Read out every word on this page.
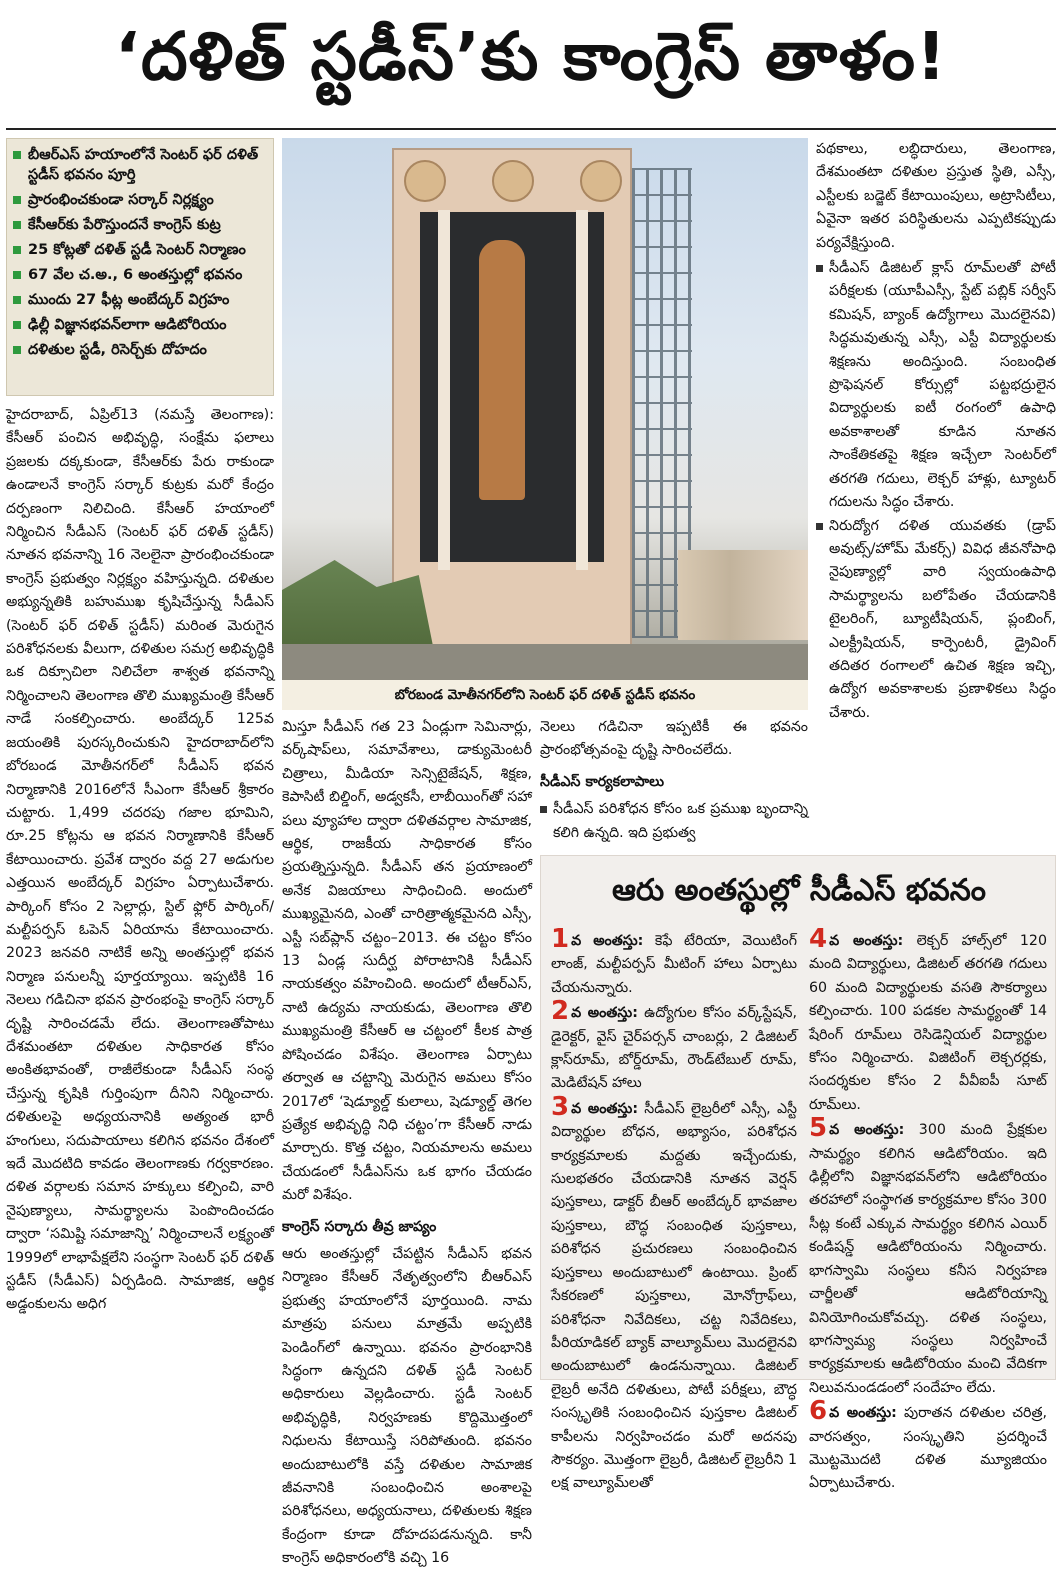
‘దళిత్ స్టడీస్’కు కాంగ్రెస్ తాళం!
బీఆర్ఎస్ హయాంలోనే సెంటర్ ఫర్ దళిత్ స్టడీస్ భవనం పూర్తి
ప్రారంభించకుండా సర్కార్ నిర్లక్ష్యం
కేసీఆర్‌కు పేరొస్తుందనే కాంగ్రెస్ కుట్ర
25 కోట్లతో దళిత్ స్టడీ సెంటర్ నిర్మాణం
67 వేల చ.అ., 6 అంతస్తుల్లో భవనం
ముందు 27 ఫీట్ల అంబేద్కర్ విగ్రహం
ఢిల్లీ విజ్ఞానభవన్‌లాగా ఆడిటోరియం
దళితుల స్టడీ, రిసెర్చ్‌కు దోహదం

హైదరాబాద్, ఏప్రిల్13 (నమస్తే తెలంగాణ): కేసీఆర్ పంచిన అభివృద్ధి, సంక్షేమ ఫలాలు ప్రజలకు దక్కకుండా, కేసీఆర్‌కు పేరు రాకుండా ఉండాలనే కాంగ్రెస్ సర్కార్ కుట్రకు మరో కేంద్రం దర్పణంగా నిలిచింది. కేసీఆర్ హయాంలో నిర్మించిన సీడీఎస్ (సెంటర్ ఫర్ దళిత్ స్టడీస్) నూతన భవనాన్ని 16 నెలలైనా ప్రారంభించకుండా కాంగ్రెస్ ప్రభుత్వం నిర్లక్ష్యం వహిస్తున్నది. దళితుల అభ్యున్నతికి బహుముఖ కృషిచేస్తున్న సీడీఎస్ (సెంటర్ ఫర్ దళిత్ స్టడీస్) మరింత మెరుగైన పరిశోధనలకు వీలుగా, దళితుల సమగ్ర అభివృద్ధికి ఒక దిక్సూచిలా నిలిచేలా శాశ్వత భవనాన్ని నిర్మించాలని తెలంగాణ తొలి ముఖ్యమంత్రి కేసీఆర్ నాడే సంకల్పించారు. అంబేద్కర్ 125వ జయంతికి పురస్కరించుకుని హైదరాబాద్‌లోని బోరబండ మోతీనగర్‌లో సీడీఎస్ భవన నిర్మాణానికి 2016లోనే సీఎంగా కేసీఆర్ శ్రీకారం చుట్టారు. 1,499 చదరపు గజాల భూమిని, రూ.25 కోట్లను ఆ భవన నిర్మాణానికి కేసీఆర్ కేటాయించారు. ప్రవేశ ద్వారం వద్ద 27 అడుగుల ఎత్తయిన అంబేద్కర్ విగ్రహం ఏర్పాటుచేశారు. పార్కింగ్ కోసం 2 సెల్లార్లు, స్టిల్ ఫ్లోర్ పార్కింగ్/మల్టీపర్పస్ ఓపెన్ ఏరియాను కేటాయించారు. 2023 జనవరి నాటికే అన్ని అంతస్తుల్లో భవన నిర్మాణ పనులన్నీ పూర్తయ్యాయి. ఇప్పటికి 16 నెలలు గడిచినా భవన ప్రారంభంపై కాంగ్రెస్ సర్కార్ దృష్టి సారించడమే లేదు. తెలంగాణతోపాటు దేశమంతటా దళితుల సాధికారత కోసం అంకితభావంతో, రాజీలేకుండా సీడీఎస్ సంస్థ చేస్తున్న కృషికి గుర్తింపుగా దీనిని నిర్మించారు. దళితులపై అధ్యయనానికి అత్యంత భారీ హంగులు, సదుపాయాలు కలిగిన భవనం దేశంలో ఇదే మొదటిది కావడం తెలంగాణకు గర్వకారణం. దళిత వర్గాలకు సమాన హక్కులు కల్పించి, వారి నైపుణ్యాలు, సామర్థ్యాలను పెంపొందించడం ద్వారా ‘సమిష్టి సమాజాన్ని’ నిర్మించాలనే లక్ష్యంతో 1999లో లాభాపేక్షలేని సంస్థగా సెంటర్ ఫర్ దళిత్ స్టడీస్ (సీడీఎస్) ఏర్పడింది. సామాజిక, ఆర్థిక అడ్డంకులను అధిగ

బోరబండ మోతీనగర్‌లోని సెంటర్ ఫర్ దళిత్ స్టడీస్ భవనం

మిస్తూ సీడీఎస్ గత 23 ఏండ్లుగా సెమినార్లు, వర్క్‌షాప్‌లు, సమావేశాలు, డాక్యుమెంటరీ చిత్రాలు, మీడియా సెన్సిటైజేషన్, శిక్షణ, కెపాసిటీ బిల్డింగ్, అడ్వకసీ, లాబీయింగ్‌తో సహా పలు వ్యూహాల ద్వారా దళితవర్గాల సామాజిక, ఆర్థిక, రాజకీయ సాధికారత కోసం ప్రయత్నిస్తున్నది. సీడీఎస్ తన ప్రయాణంలో అనేక విజయాలు సాధించింది. అందులో ముఖ్యమైనది, ఎంతో చారిత్రాత్మకమైనది ఎస్సీ, ఎస్టీ సబ్‌ప్లాన్ చట్టం–2013. ఈ చట్టం కోసం 13 ఏండ్ల సుదీర్ఘ పోరాటానికి సీడీఎస్ నాయకత్వం వహించింది. అందులో టీఆర్ఎస్, నాటి ఉద్యమ నాయకుడు, తెలంగాణ తొలి ముఖ్యమంత్రి కేసీఆర్ ఆ చట్టంలో కీలక పాత్ర పోషించడం విశేషం. తెలంగాణ ఏర్పాటు తర్వాత ఆ చట్టాన్ని మెరుగైన అమలు కోసం 2017లో ‘షెడ్యూల్డ్ కులాలు, షెడ్యూల్డ్ తెగల ప్రత్యేక అభివృద్ధి నిధి చట్టం’గా కేసీఆర్ నాడు మార్చారు. కొత్త చట్టం, నియమాలను అమలు చేయడంలో సీడీఎస్‌ను ఒక భాగం చేయడం మరో విశేషం.

కాంగ్రెస్ సర్కారు తీవ్ర జాప్యం

ఆరు అంతస్తుల్లో చేపట్టిన సీడీఎస్ భవన నిర్మాణం కేసీఆర్ నేతృత్వంలోని బీఆర్ఎస్ ప్రభుత్వ హయాంలోనే పూర్తయింది. నామ మాత్రపు పనులు మాత్రమే అప్పటికి పెండింగ్‌లో ఉన్నాయి. భవనం ప్రారంభానికి సిద్ధంగా ఉన్నదని దళిత్ స్టడీ సెంటర్ అధికారులు వెల్లడించారు. స్టడీ సెంటర్ అభివృద్ధికి, నిర్వహణకు కొద్దిమొత్తంలో నిధులను కేటాయిస్తే సరిపోతుంది. భవనం అందుబాటులోకి వస్తే దళితుల సామాజిక జీవనానికి సంబంధించిన అంశాలపై పరిశోధనలు, అధ్యయనాలు, దళితులకు శిక్షణ కేంద్రంగా కూడా దోహదపడనున్నది. కానీ కాంగ్రెస్ అధికారంలోకి వచ్చి 16

నెలలు గడిచినా ఇప్పటికీ ఈ భవనం ప్రారంభోత్సవంపై దృష్టి సారించలేదు.

సీడీఎస్ కార్యకలాపాలు
సీడీఎస్ పరిశోధన కోసం ఒక ప్రముఖ బృందాన్ని కలిగి ఉన్నది. ఇది ప్రభుత్వ

పథకాలు, లబ్ధిదారులు, తెలంగాణ, దేశమంతటా దళితుల ప్రస్తుత స్థితి, ఎస్సీ, ఎస్టీలకు బడ్జెట్ కేటాయింపులు, అట్రాసిటీలు, ఏవైనా ఇతర పరిస్థితులను ఎప్పటికప్పుడు పర్యవేక్షిస్తుంది.

సీడీఎస్ డిజిటల్ క్లాస్ రూమ్‌లతో పోటీ పరీక్షలకు (యూపీఎస్సీ, స్టేట్ పబ్లిక్ సర్వీస్ కమిషన్, బ్యాంక్ ఉద్యోగాలు మొదలైనవి) సిద్ధమవుతున్న ఎస్సీ, ఎస్టీ విద్యార్థులకు శిక్షణను అందిస్తుంది. సంబంధిత ప్రొఫెషనల్ కోర్సుల్లో పట్టభద్రులైన విద్యార్థులకు ఐటీ రంగంలో ఉపాధి అవకాశాలతో కూడిన నూతన సాంకేతికతపై శిక్షణ ఇచ్చేలా సెంటర్‌లో తరగతి గదులు, లెక్చర్ హాళ్లు, ట్యూటర్ గదులను సిద్ధం చేశారు.
నిరుద్యోగ దళిత యువతకు (డ్రాప్ అవుట్స్/హోమ్ మేకర్స్) వివిధ జీవనోపాధి నైపుణ్యాల్లో వారి స్వయంఉపాధి సామర్థ్యాలను బలోపేతం చేయడానికి టైలరింగ్, బ్యూటీషియన్, ప్లంబింగ్, ఎలక్ట్రీషియన్, కార్పెంటరీ, డ్రైవింగ్ తదితర రంగాలలో ఉచిత శిక్షణ ఇచ్చి, ఉద్యోగ అవకాశాలకు ప్రణాళికలు సిద్ధం చేశారు.
ఆరు అంతస్థుల్లో సీడీఎస్ భవనం

1 వ అంతస్తు: కెఫే టేరియా, వెయిటింగ్ లాంజ్, మల్టీపర్పస్ మీటింగ్ హాలు ఏర్పాటు చేయనున్నారు.

2 వ అంతస్తు: ఉద్యోగుల కోసం వర్క్‌స్టేషన్, డైరెక్టర్, వైస్ చైర్‌పర్సన్ చాంబర్లు, 2 డిజిటల్ క్లాస్‌రూమ్‌, బోర్డ్‌రూమ్, రౌండ్‌టేబుల్ రూమ్, మెడిటేషన్ హాలు

3 వ అంతస్తు: సీడీఎస్ లైబ్రరీలో ఎస్సీ, ఎస్టీ విద్యార్థుల బోధన, అభ్యాసం, పరిశోధన కార్యక్రమాలకు మద్దతు ఇచ్చేందుకు, సులభతరం చేయడానికి నూతన వెర్షన్ పుస్తకాలు, డాక్టర్ బీఆర్ అంబేద్కర్ భావజాల పుస్తకాలు, బౌద్ధ సంబంధిత పుస్తకాలు, పరిశోధన ప్రచురణలు సంబంధించిన పుస్తకాలు అందుబాటులో ఉంటాయి. ప్రింట్ సేకరణలో పుస్తకాలు, మోనోగ్రాఫ్‌లు, పరిశోధనా నివేదికలు, చట్ట నివేదికలు, పీరియాడికల్ బ్యాక్ వాల్యూమ్‌లు మొదలైనవి అందుబాటులో ఉండనున్నాయి. డిజిటల్ లైబ్రరీ అనేది దళితులు, పోటీ పరీక్షలు, బౌద్ధ సంస్కృతికి సంబంధించిన పుస్తకాల డిజిటల్ కాపీలను నిర్వహించడం మరో అదనపు సౌకర్యం. మొత్తంగా లైబ్రరీ, డిజిటల్ లైబ్రరీని 1 లక్ష వాల్యూమ్‌లతో

4 వ అంతస్తు: లెక్చర్ హాల్స్‌లో 120 మంది విద్యార్థులు, డిజిటల్ తరగతి గదులు 60 మంది విద్యార్థులకు వసతి సౌకర్యాలు కల్పించారు. 100 పడకల సామర్థ్యంతో 14 షేరింగ్ రూమ్‌లు రెసిడెన్షియల్ విద్యార్థుల కోసం నిర్మించారు. విజిటింగ్ లెక్చరర్లకు, సందర్శకుల కోసం 2 వీవీఐపీ సూట్ రూమ్‌లు.

5 వ అంతస్తు: 300 మంది ప్రేక్షకుల సామర్థ్యం కలిగిన ఆడిటోరియం. ఇది ఢిల్లీలోని విజ్ఞానభవన్‌లోని ఆడిటోరియం తరహాలో సంస్థాగత కార్యక్రమాల కోసం 300 సీట్ల కంటే ఎక్కువ సామర్థ్యం కలిగిన ఎయిర్ కండిషన్డ్ ఆడిటోరియంను నిర్మించారు. భాగస్వామి సంస్థలు కనీస నిర్వహణ చార్జీలతో ఆడిటోరియాన్ని వినియోగించుకోవచ్చు. దళిత సంస్థలు, భాగస్వామ్య సంస్థలు నిర్వహించే కార్యక్రమాలకు ఆడిటోరియం మంచి వేదికగా నిలువనుండడంలో సందేహం లేదు.

6 వ అంతస్తు: పురాతన దళితుల చరిత్ర, వారసత్వం, సంస్కృతిని ప్రదర్శించే మొట్టమొదటి దళిత మ్యూజియం ఏర్పాటుచేశారు.
